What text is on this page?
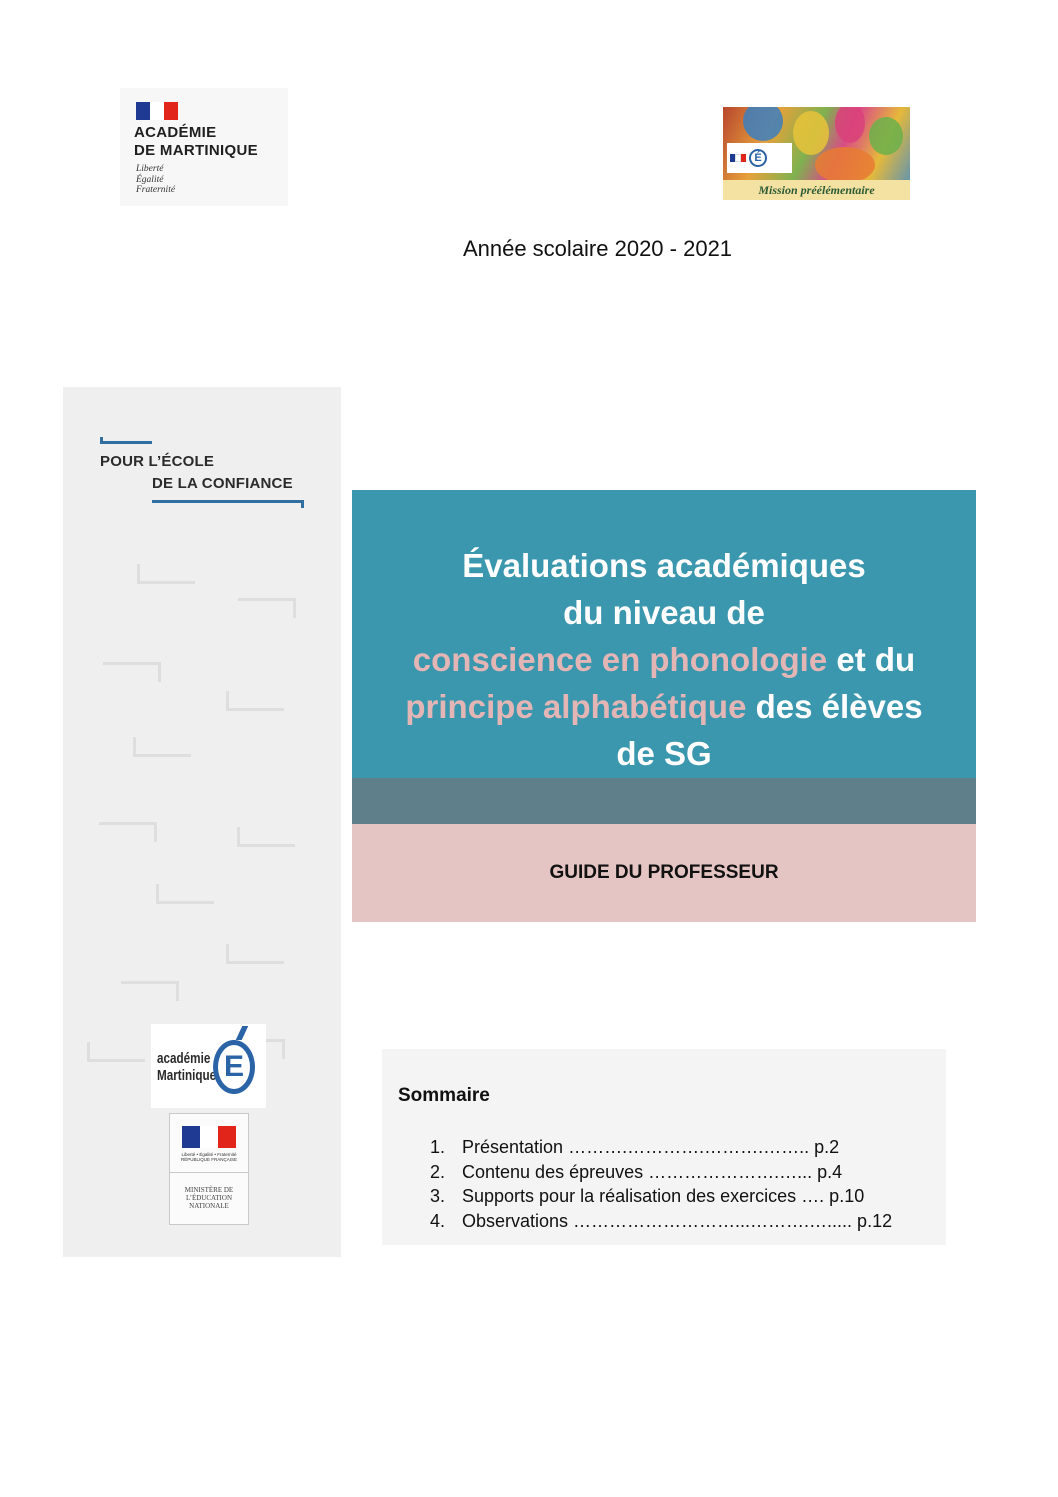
ACADÉMIE
DE MARTINIQUE
Liberté
Égalité
Fraternité
É
Mission préélémentaire
Année scolaire 2020 - 2021
POUR L’ÉCOLE
DE LA CONFIANCE
académie Martinique E
Liberté • Égalité • Fraternité RÉPUBLIQUE FRANÇAISE
MINISTÈRE DE L’ÉDUCATION NATIONALE
Évaluations académiques
du niveau de
conscience en phonologie et du
principe alphabétique des élèves
de SG
GUIDE DU PROFESSEUR
Sommaire
1. Présentation ……….………….……….…….. p.2
2. Contenu des épreuves ………………….…... p.4
3. Supports pour la réalisation des exercices …. p.10
4. Observations ………………………...……….…..... p.12
